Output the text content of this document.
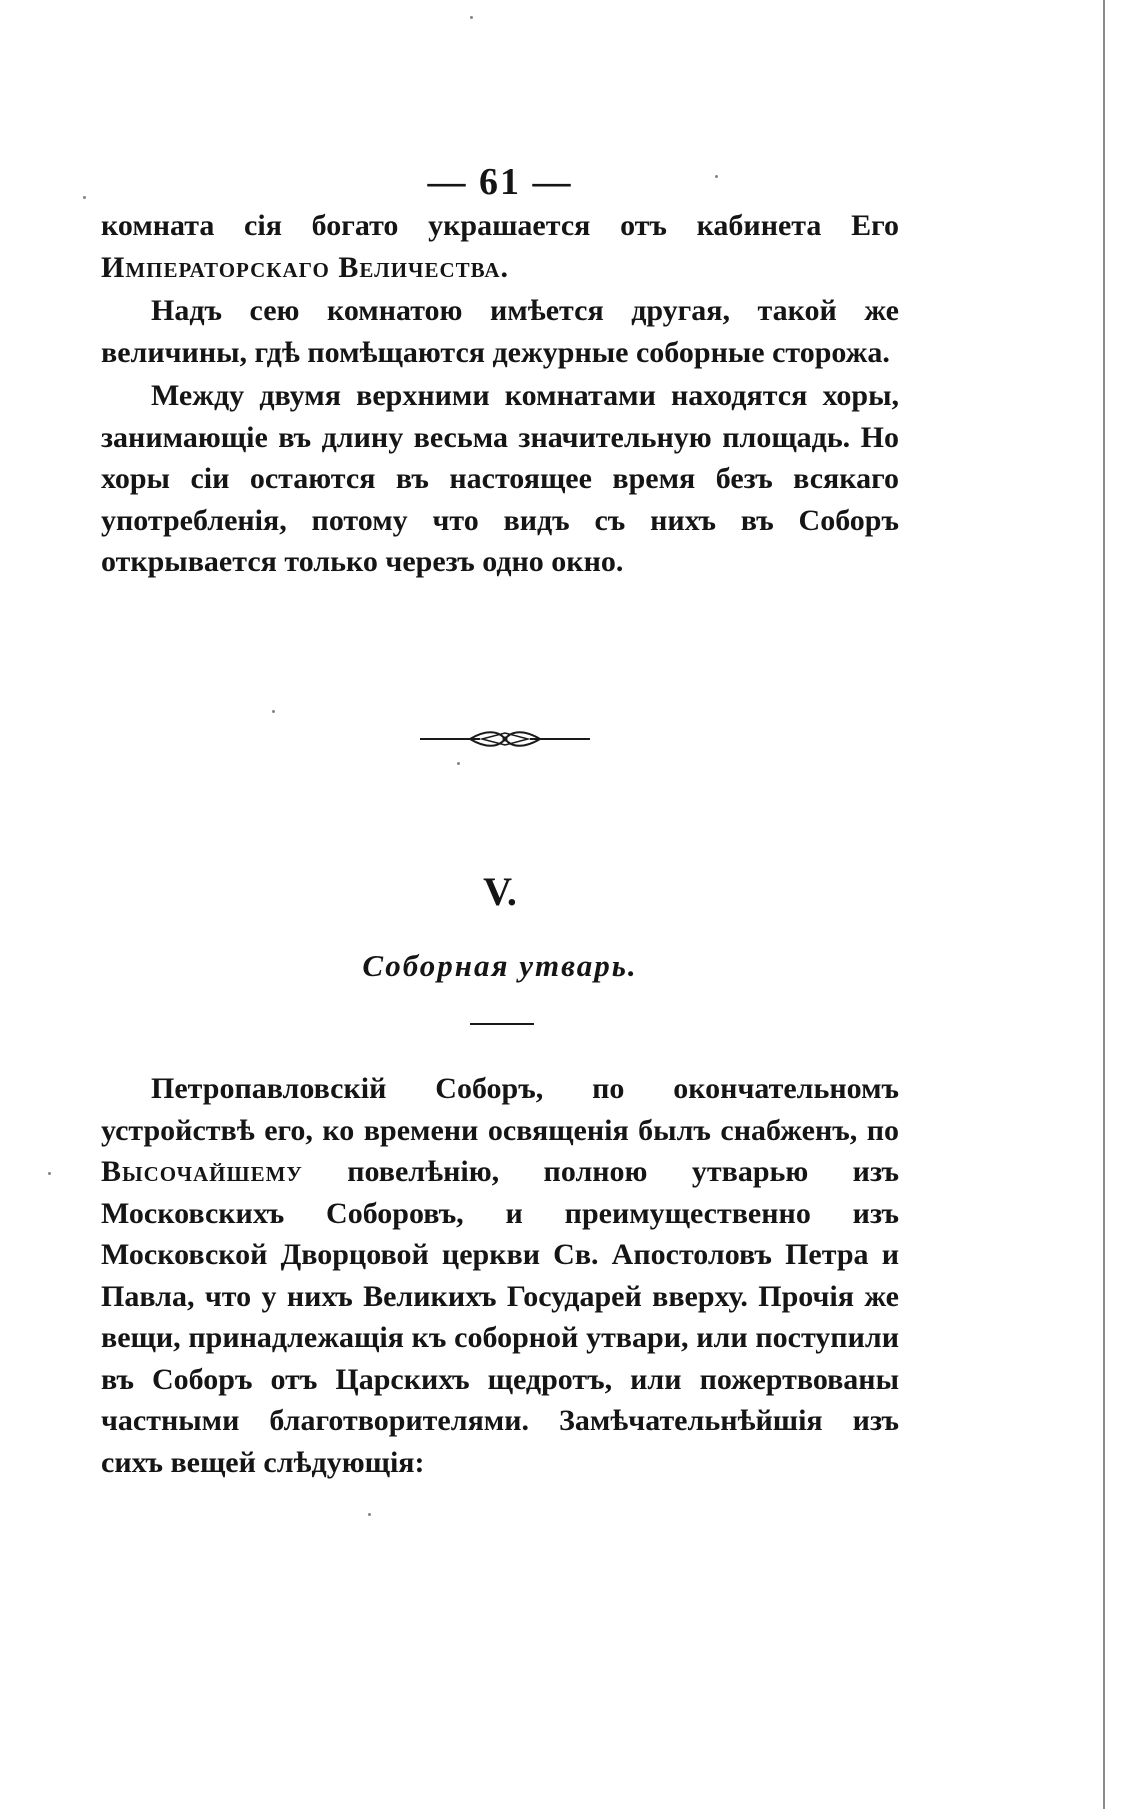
— 61 —

комната сія богато украшается отъ кабинета Его Императорскаго Величества.

Надъ сею комнатою имѣется другая, такой же величины, гдѣ помѣщаются дежурные соборные сторожа.

Между двумя верхними комнатами находятся хоры, занимающіе въ длину весьма значительную площадь. Но хоры сіи остаются въ настоящее время безъ всякаго употребленія, потому что видъ съ нихъ въ Соборъ открывается только черезъ одно окно.

V.
Соборная утварь.

Петропавловскій Соборъ, по окончательномъ устройствѣ его, ко времени освященія былъ снабженъ, по Высочайшему повелѣнію, полною утварью изъ Московскихъ Соборовъ, и преимущественно изъ Московской Дворцовой церкви Св. Апостоловъ Петра и Павла, что у нихъ Великихъ Государей вверху. Прочія же вещи, принадлежащія къ соборной утвари, или поступили въ Соборъ отъ Царскихъ щедротъ, или пожертвованы частными благотворителями. Замѣчательнѣйшія изъ сихъ вещей слѣдующія:
